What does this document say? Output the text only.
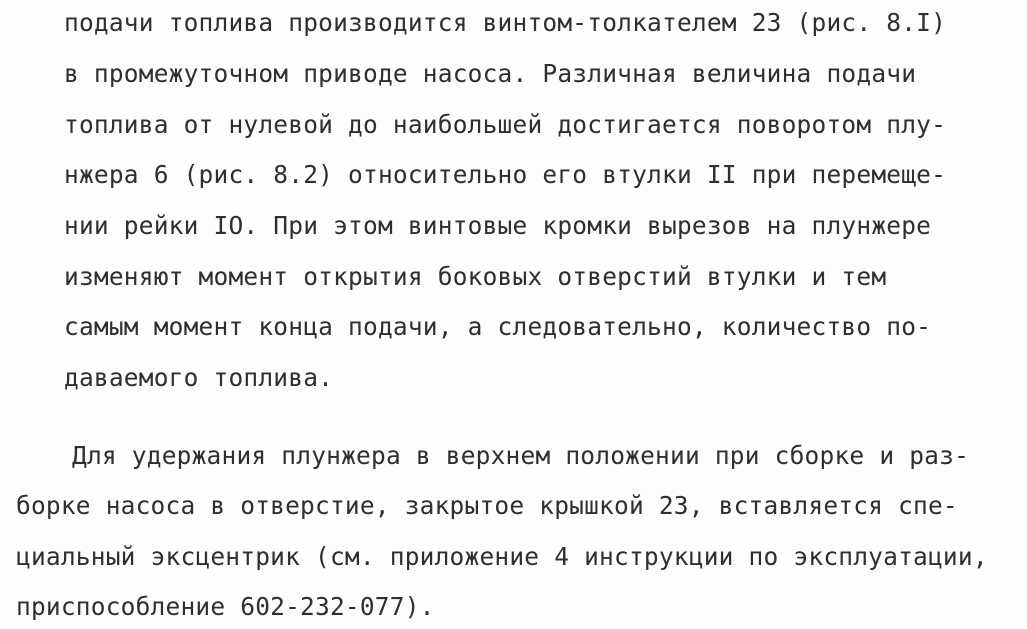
подачи топлива производится винтом-толкателем 23 (рис. 8.I)
в промежуточном приводе насоса. Различная величина подачи
топлива от нулевой до наибольшей достигается поворотом плу-
нжера 6 (рис. 8.2) относительно его втулки II при перемеще-
нии рейки IO. При этом винтовые кромки вырезов на плунжере
изменяют момент открытия боковых отверстий втулки и тем
самым момент конца подачи, а следовательно, количество по-
даваемого топлива.
Для удержания плунжера в верхнем положении при сборке и раз-
борке насоса в отверстие, закрытое крышкой 23, вставляется спе-
циальный эксцентрик (см. приложение 4 инструкции по эксплуатации,
приспособление 602-232-077).
